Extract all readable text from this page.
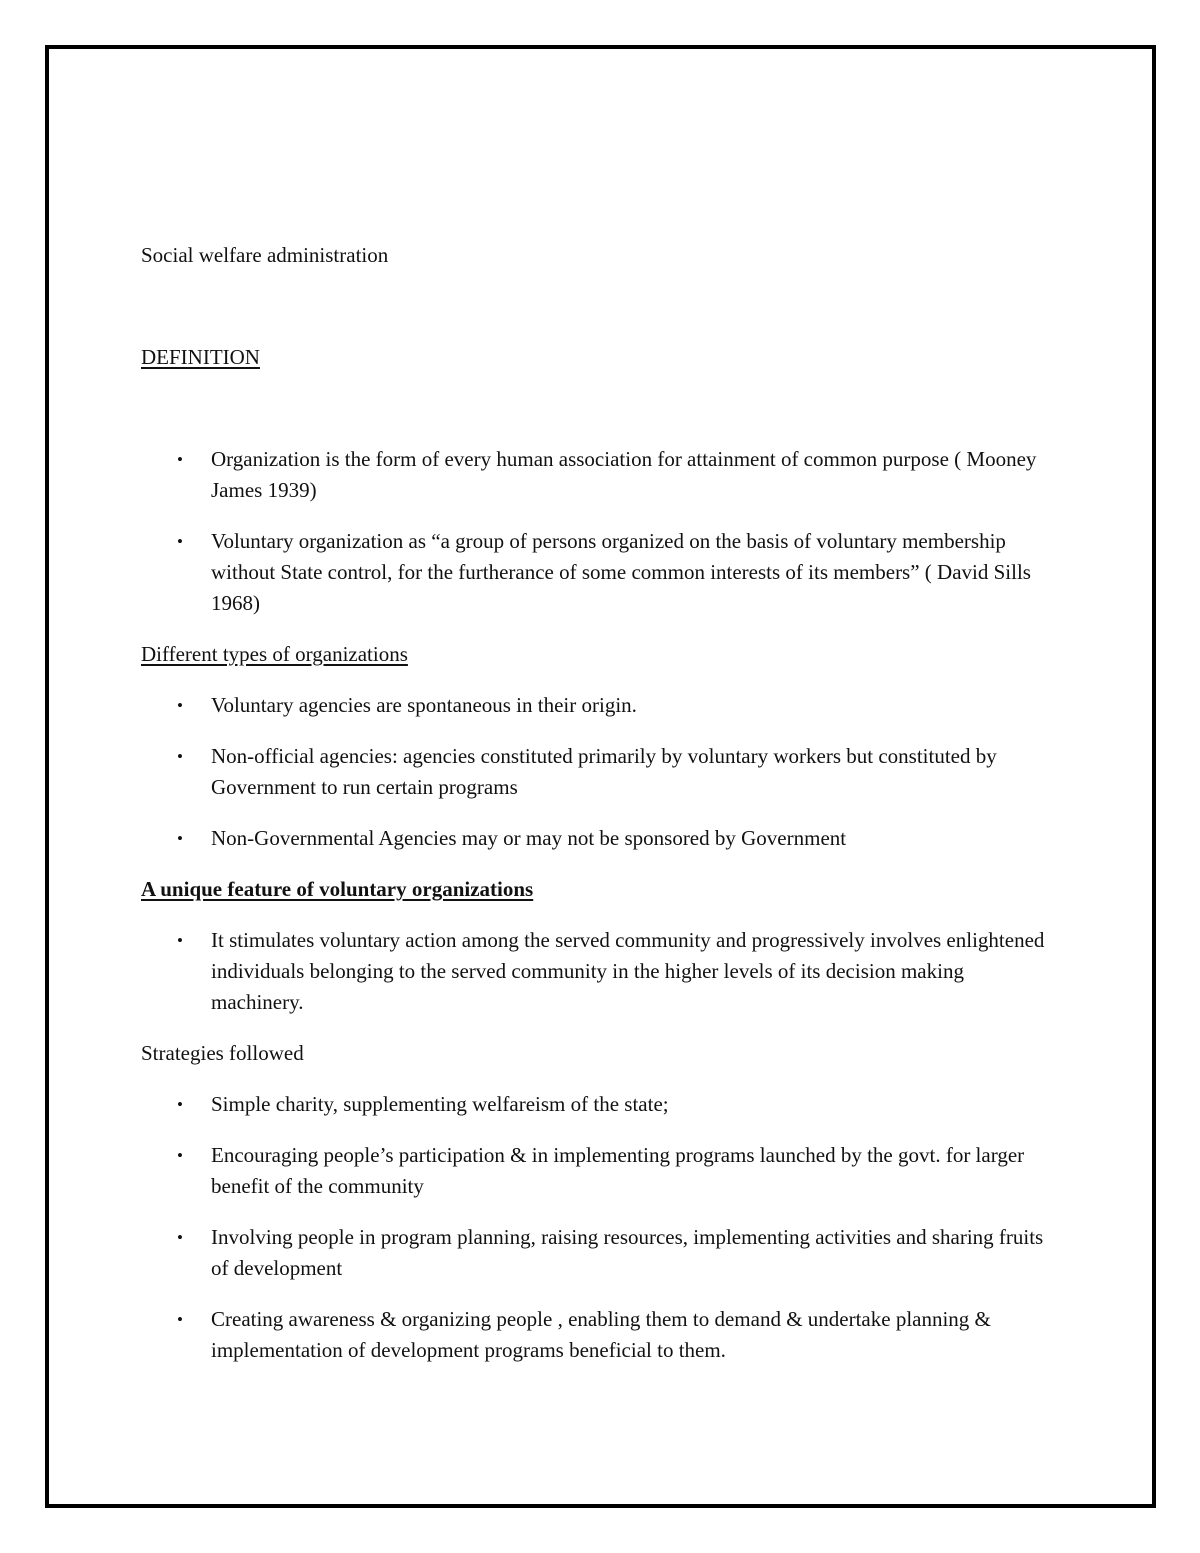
Social welfare administration

DEFINITION

• Organization is the form of every human association for attainment of common purpose ( Mooney James 1939)
• Voluntary organization as “a group of persons organized on the basis of voluntary membership without State control, for the furtherance of some common interests of its members” ( David Sills 1968)

Different types of organizations

• Voluntary agencies are spontaneous in their origin.
• Non-official agencies: agencies constituted primarily by voluntary workers but constituted by Government to run certain programs
• Non-Governmental Agencies may or may not be sponsored by Government

A unique feature of voluntary organizations

• It stimulates voluntary action among the served community and progressively involves enlightened individuals belonging to the served community in the higher levels of its decision making machinery.

Strategies followed

• Simple charity, supplementing welfareism of the state;
• Encouraging people’s participation & in implementing programs launched by the govt. for larger benefit of the community
• Involving people in program planning, raising resources, implementing activities and sharing fruits of development
• Creating awareness & organizing people , enabling them to demand & undertake planning & implementation of development programs beneficial to them.
